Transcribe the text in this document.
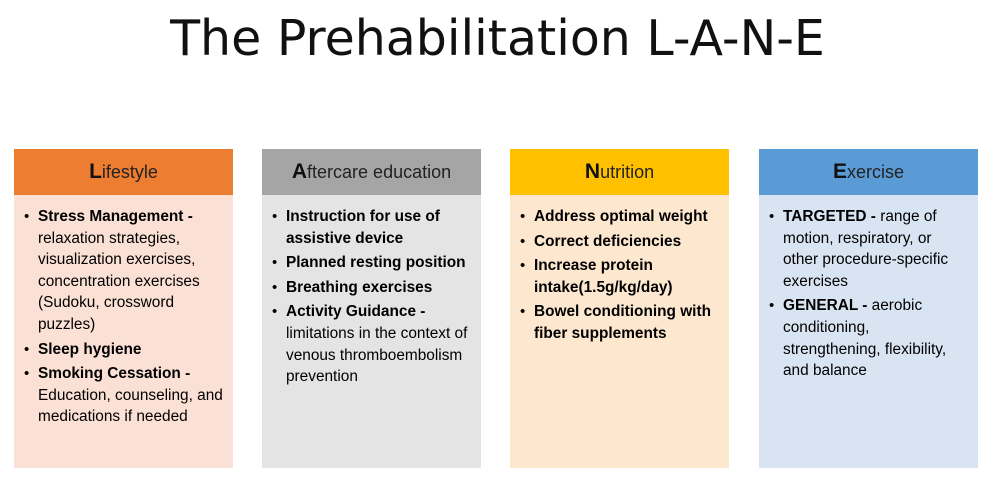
The Prehabilitation L-A-N-E
L ifestyle
• Stress Management - relaxation strategies, visualization exercises, concentration exercises (Sudoku, crossword puzzles)
• Sleep hygiene
• Smoking Cessation - Education, counseling, and medications if needed
A ftercare education
• Instruction for use of assistive device
• Planned resting position
• Breathing exercises
• Activity Guidance - limitations in the context of venous thromboembolism prevention
N utrition
• Address optimal weight
• Correct deficiencies
• Increase protein intake(1.5g/kg/day)
• Bowel conditioning with fiber supplements
E xercise
• TARGETED - range of motion, respiratory, or other procedure-specific exercises
• GENERAL - aerobic conditioning, strengthening, flexibility, and balance
